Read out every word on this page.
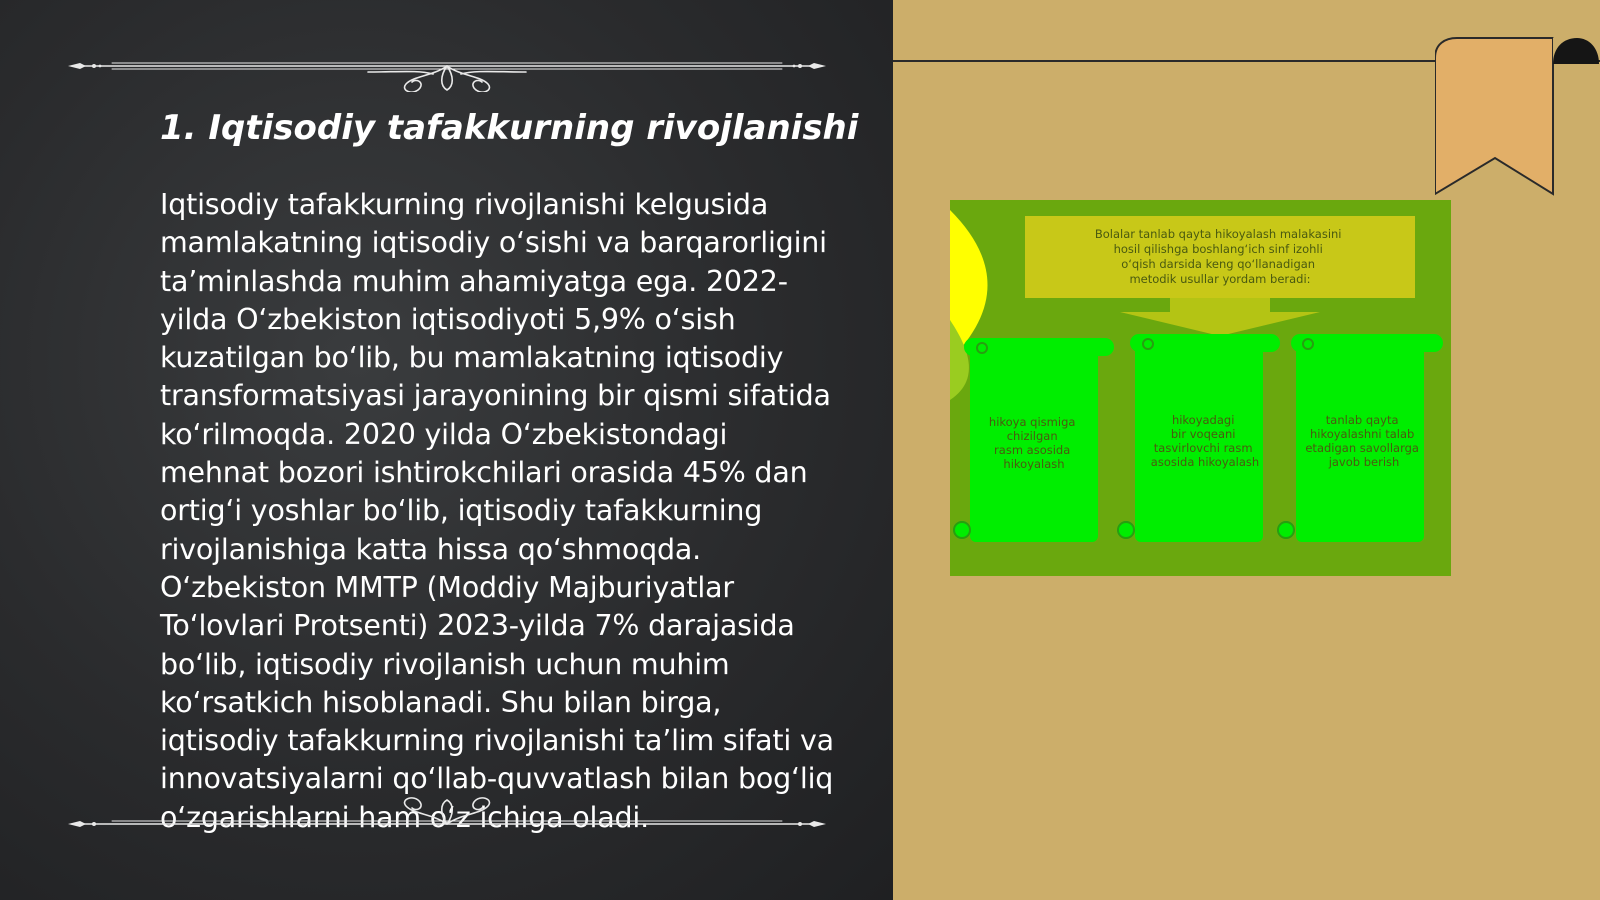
1. Iqtisodiy tafakkurning rivojlanishi

Iqtisodiy tafakkurning rivojlanishi kelgusida mamlakatning iqtisodiy o‘sishi va barqarorligini ta’minlashda muhim ahamiyatga ega. 2022-yilda O‘zbekiston iqtisodiyoti 5,9% o‘sish kuzatilgan bo‘lib, bu mamlakatning iqtisodiy transformatsiyasi jarayonining bir qismi sifatida ko‘rilmoqda. 2020 yilda O‘zbekistondagi mehnat bozori ishtirokchilari orasida 45% dan ortig‘i yoshlar bo‘lib, iqtisodiy tafakkurning rivojlanishiga katta hissa qo‘shmoqda. O‘zbekiston MMTP (Moddiy Majburiyatlar To‘lovlari Protsenti) 2023-yilda 7% darajasida bo‘lib, iqtisodiy rivojlanish uchun muhim ko‘rsatkich hisoblanadi. Shu bilan birga, iqtisodiy tafakkurning rivojlanishi ta’lim sifati va innovatsiyalarni qo‘llab-quvvatlash bilan bog‘liq o‘zgarishlarni ham o‘z ichiga oladi.

Bolalar tanlab qayta hikoyalash malakasini hosil qilishga boshlang‘ich sinf izohli o‘qish darsida keng qo‘llanadigan metodik usullar yordam beradi:
hikoya qismiga chizilgan rasm asosida hikoyalash
hikoyadagi bir voqeani tasvirlovchi rasm asosida hikoyalash
tanlab qayta hikoyalashni talab etadigan savollarga javob berish
